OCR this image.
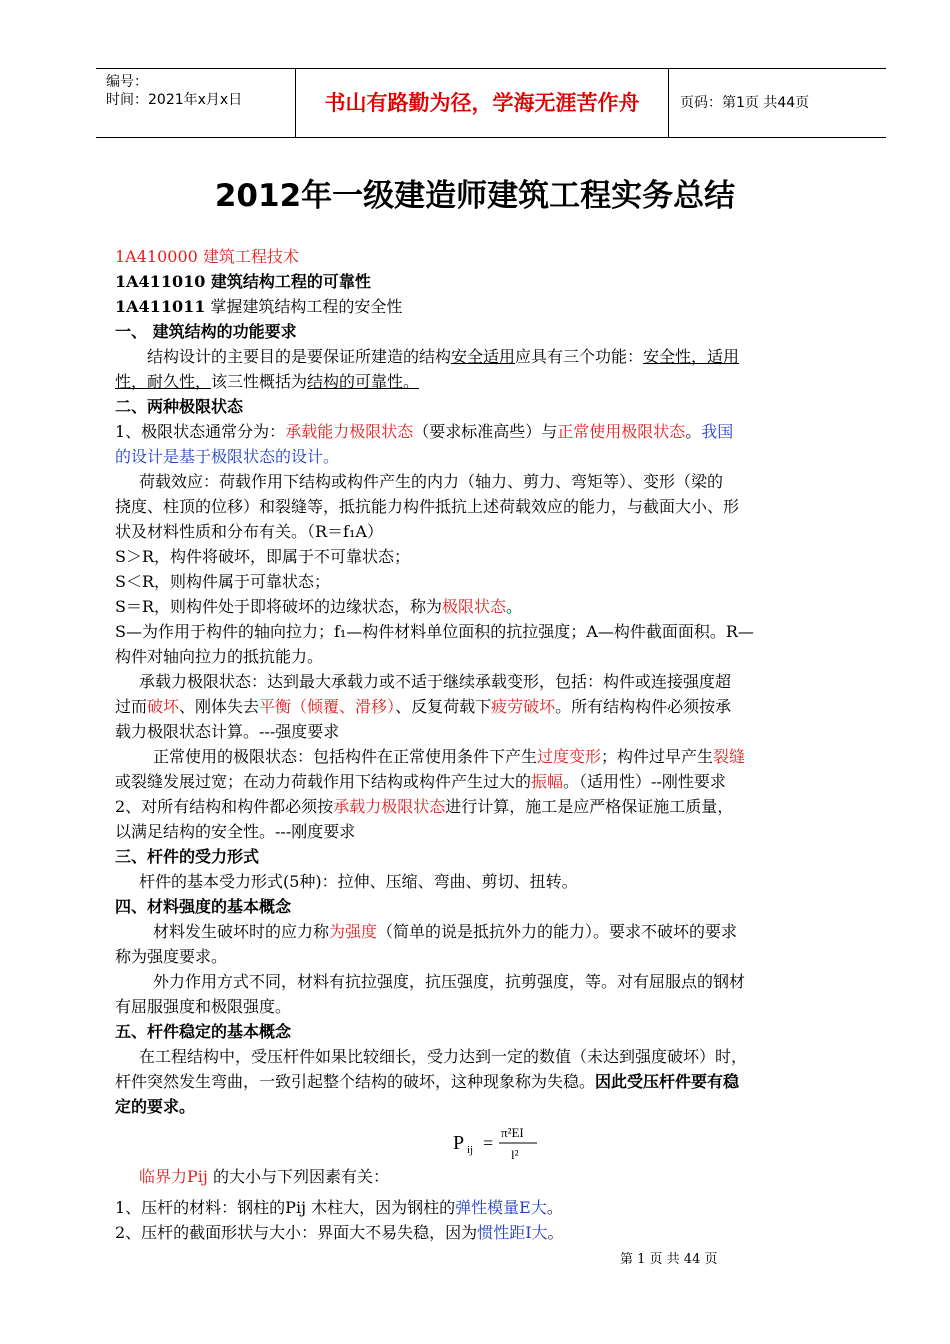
编号：
时间：2021年x月x日	书山有路勤为径，学海无涯苦作舟	页码：第1页 共44页
2012年一级建造师建筑工程实务总结

1A410000 建筑工程技术

1A411010 建筑结构工程的可靠性

1A411011 掌握建筑结构工程的安全性

一、 建筑结构的功能要求

结构设计的主要目的是要保证所建造的结构安全适用应具有三个功能：安全性，适用

性，耐久性，该三性概括为结构的可靠性。

二、两种极限状态

1、极限状态通常分为：承载能力极限状态（要求标准高些）与正常使用极限状态。我国

的设计是基于极限状态的设计。

荷载效应：荷载作用下结构或构件产生的内力（轴力、剪力、弯矩等）、变形（梁的

挠度、柱顶的位移）和裂缝等，抵抗能力构件抵抗上述荷载效应的能力，与截面大小、形

状及材料性质和分布有关。（R＝f₁A）

S＞R，构件将破坏，即属于不可靠状态；

S＜R，则构件属于可靠状态；

S＝R，则构件处于即将破坏的边缘状态，称为极限状态。

S—为作用于构件的轴向拉力；f₁—构件材料单位面积的抗拉强度；A—构件截面面积。R—

构件对轴向拉力的抵抗能力。

承载力极限状态：达到最大承载力或不适于继续承载变形，包括：构件或连接强度超

过而破坏、刚体失去平衡（倾覆、滑移）、反复荷载下疲劳破坏。所有结构构件必须按承

载力极限状态计算。---强度要求

正常使用的极限状态：包括构件在正常使用条件下产生过度变形；构件过早产生裂缝

或裂缝发展过宽；在动力荷载作用下结构或构件产生过大的振幅。（适用性）--刚性要求

2、对所有结构和构件都必须按承载力极限状态进行计算，施工是应严格保证施工质量，

以满足结构的安全性。---刚度要求

三、杆件的受力形式

杆件的基本受力形式(5种)：拉伸、压缩、弯曲、剪切、扭转。

四、材料强度的基本概念

材料发生破坏时的应力称为强度（简单的说是抵抗外力的能力）。要求不破坏的要求

称为强度要求。

外力作用方式不同，材料有抗拉强度，抗压强度，抗剪强度，等。对有屈服点的钢材

有屈服强度和极限强度。

五、杆件稳定的基本概念

在工程结构中，受压杆件如果比较细长，受力达到一定的数值（未达到强度破坏）时，

杆件突然发生弯曲，一致引起整个结构的破坏，这种现象称为失稳。因此受压杆件要有稳

定的要求。

P ij =
π²EI
l²

临界力Pij 的大小与下列因素有关：

1、压杆的材料：钢柱的Pij 木柱大，因为钢柱的弹性模量E大。

2、压杆的截面形状与大小：界面大不易失稳，因为惯性距I大。

第 1 页 共 44 页
